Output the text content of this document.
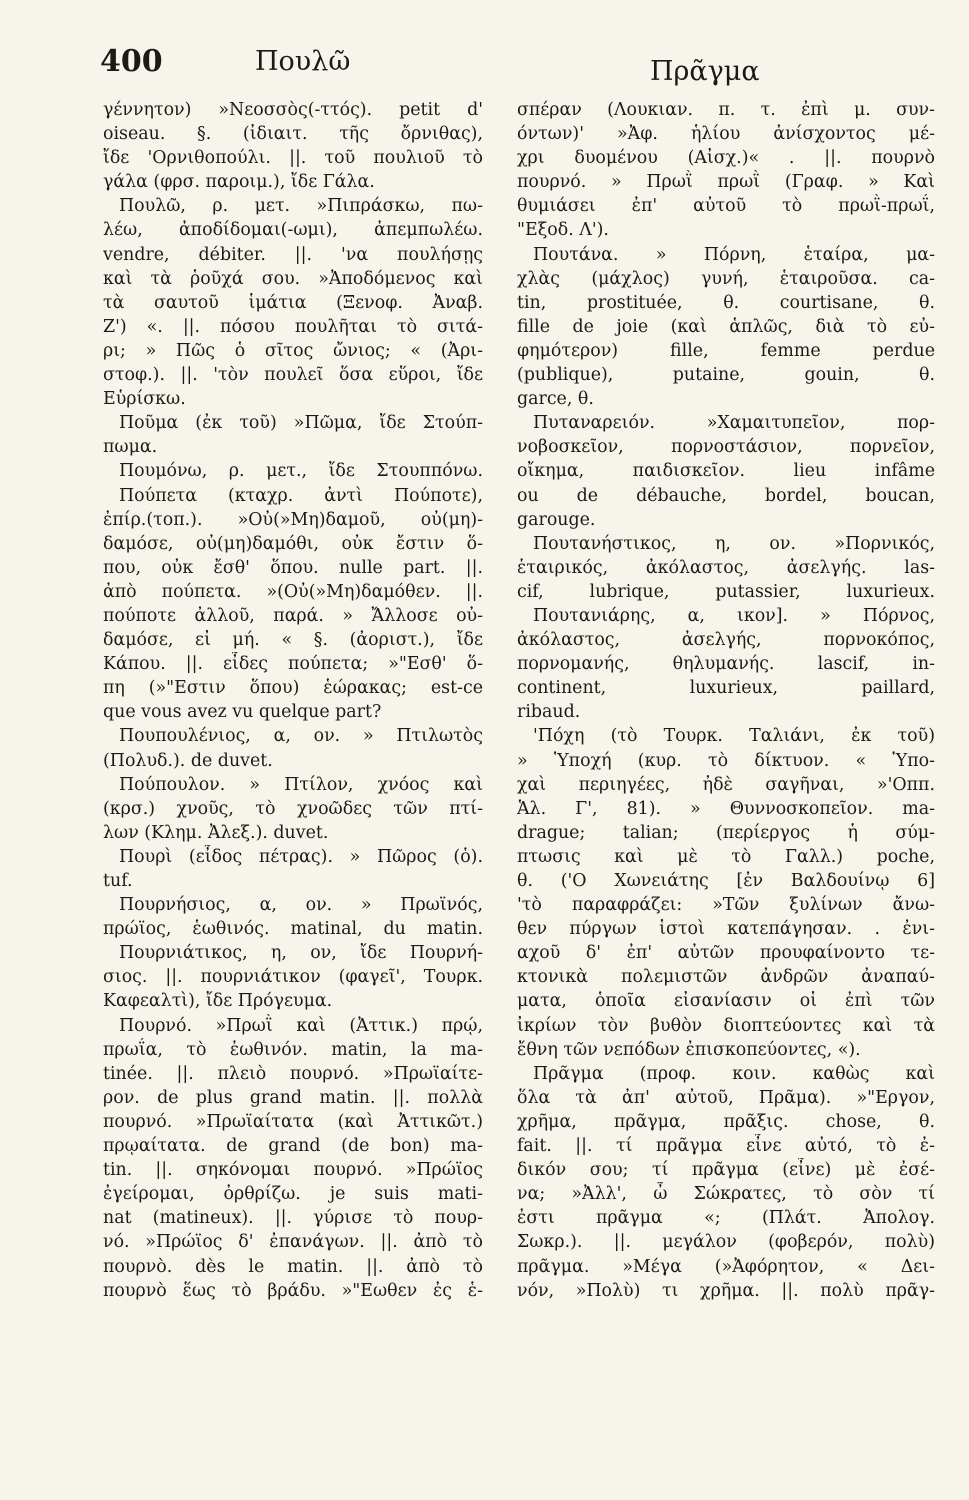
400	Πουλῶ	Πρᾶγμα
γέννητον) »Νεοσσὸς(-ττός). petit d'
oiseau. §. (ἰδιαιτ. τῆς ὄρνιθας),
ἴδε 'Ορνιθοπούλι. ||. τοῦ πουλιοῦ τὸ
γάλα (φρσ. παροιμ.), ἴδε Γάλα.
Πουλῶ, ρ. μετ. »Πιπράσκω, πω-
λέω, ἀποδίδομαι(-ωμι), ἀπεμπωλέω.
vendre, débiter. ||. 'να πουλήσῃς
καὶ τὰ ῥοῦχά σου. »Ἀποδόμενος καὶ
τὰ σαυτοῦ ἱμάτια (Ξενοφ. Ἀναβ.
Ζ') «. ||. πόσου πουλῆται τὸ σιτά-
ρι; » Πῶς ὁ σῖτος ὤνιος; « (Ἀρι-
στοφ.). ||. 'τὸν πουλεῖ ὅσα εὕροι, ἴδε
Εὑρίσκω.
Ποῦμα (ἐκ τοῦ) »Πῶμα, ἴδε Στούπ-
πωμα.
Πουμόνω, ρ. μετ., ἴδε Στουππόνω.
Πούπετα (κταχρ. ἀντὶ Πούποτε),
ἐπίρ.(τοπ.). »Οὐ(»Μη)δαμοῦ, οὐ(μη)-
δαμόσε, οὐ(μη)δαμόθι, οὐκ ἔστιν ὅ-
που, οὐκ ἔσθ' ὅπου. nulle part. ||.
ἀπὸ πούπετα. »(Οὐ(»Μη)δαμόθεν. ||.
πούποτε ἀλλοῦ, παρά. » Ἄλλοσε οὐ-
δαμόσε, εἰ μή. « §. (ἀοριστ.), ἴδε
Κάπου. ||. εἶδες πούπετα; »"Εσθ' ὅ-
πη (»"Εστιν ὅπου) ἑώρακας; est-ce
que vous avez vu quelque part?
Πουπουλένιος, α, ον. » Πτιλωτὸς
(Πολυδ.). de duvet.
Πούπουλον. » Πτίλον, χνόος καὶ
(κρσ.) χνοῦς, τὸ χνοῶδες τῶν πτί-
λων (Κλημ. Ἀλεξ.). duvet.
Πουρὶ (εἶδος πέτρας). » Πῶρος (ὁ).
tuf.
Πουρνήσιος, α, ον. » Πρωϊνός,
πρώϊος, ἑωθινός. matinal, du matin.
Πουρνιάτικος, η, ον, ἴδε Πουρνή-
σιος. ||. πουρνιάτικον (φαγεῖ', Τουρκ.
Καφεαλτὶ), ἴδε Πρόγευμα.
Πουρνό. »Πρωῒ καὶ (Ἀττικ.) πρῴ,
πρωΐα, τὸ ἑωθινόν. matin, la ma-
tinée. ||. πλειὸ πουρνό. »Πρωϊαίτε-
ρον. de plus grand matin. ||. πολλὰ
πουρνό. »Πρωϊαίτατα (καὶ Ἀττικῶτ.)
πρῳαίτατα. de grand (de bon) ma-
tin. ||. σηκόνομαι πουρνό. »Πρώϊος
ἐγείρομαι, ὀρθρίζω. je suis mati-
nat (matineux). ||. γύρισε τὸ πουρ-
νό. »Πρώϊος δ' ἐπανάγων. ||. ἀπὸ τὸ
πουρνὸ. dès le matin. ||. ἀπὸ τὸ
πουρνὸ ἕως τὸ βράδυ. »"Εωθεν ἐς ἑ-
σπέραν (Λουκιαν. π. τ. ἐπὶ μ. συν-
όντων)' »Ἀφ. ἡλίου ἀνίσχοντος μέ-
χρι δυομένου (Αἰσχ.)« . ||. πουρνὸ
πουρνό. » Πρωῒ πρωῒ (Γραφ. » Καὶ
θυμιάσει ἐπ' αὐτοῦ τὸ πρωῒ-πρωΐ,
"Εξοδ. Λ').
Πουτάνα. » Πόρνη, ἑταίρα, μα-
χλὰς (μάχλος) γυνή, ἑταιροῦσα. ca-
tin, prostituée, θ. courtisane, θ.
fille de joie (καὶ ἁπλῶς, διὰ τὸ εὐ-
φημότερον) fille, femme perdue
(publique), putaine, gouin, θ.
garce, θ.
Πυταναρειόν. »Χαμαιτυπεῖον, πορ-
νοβοσκεῖον, πορνοστάσιον, πορνεῖον,
οἴκημα, παιδισκεῖον. lieu infâme
ou de débauche, bordel, boucan,
garouge.
Πουτανήστικος, η, ον. »Πορνικός,
ἑταιρικός, ἀκόλαστος, ἀσελγής. las-
cif, lubrique, putassier, luxurieux.
Πουτανιάρης, α, ικον]. » Πόρνος,
ἀκόλαστος, ἀσελγής, πορνοκόπος,
πορνομανής, θηλυμανής. lascif, in-
continent, luxurieux, paillard,
ribaud.
'Πόχη (τὸ Τουρκ. Ταλιάνι, ἐκ τοῦ)
» Ὑποχή (κυρ. τὸ δίκτυον. « Ὑπο-
χαὶ περιηγέες, ἠδὲ σαγῆναι, »'Οππ.
Ἁλ. Γ', 81). » Θυννοσκοπεῖον. ma-
drague; talian; (περίεργος ἡ σύμ-
πτωσις καὶ μὲ τὸ Γαλλ.) poche,
θ. ('Ο Χωνειάτης [ἐν Βαλδουίνῳ 6]
'τὸ παραφράζει: »Τῶν ξυλίνων ἄνω-
θεν πύργων ἱστοὶ κατεπάγησαν. . ἐνι-
αχοῦ δ' ἐπ' αὐτῶν προυφαίνοντο τε-
κτονικὰ πολεμιστῶν ἀνδρῶν ἀναπαύ-
ματα, ὁποῖα εἰσανίασιν οἱ ἐπὶ τῶν
ἰκρίων τὸν βυθὸν διοπτεύοντες καὶ τὰ
ἔθνη τῶν νεπόδων ἐπισκοπεύοντες, «).
Πρᾶγμα (προφ. κοιν. καθὼς καὶ
ὅλα τὰ ἀπ' αὐτοῦ, Πρᾶμα). »"Εργον,
χρῆμα, πρᾶγμα, πρᾶξις. chose, θ.
fait. ||. τί πρᾶγμα εἶνε αὐτό, τὸ ἐ-
δικόν σου; τί πρᾶγμα (εἶνε) μὲ ἐσέ-
να; »Ἀλλ', ὦ Σώκρατες, τὸ σὸν τί
ἐστι πρᾶγμα «; (Πλάτ. Ἀπολογ.
Σωκρ.). ||. μεγάλον (φοβερόν, πολὺ)
πρᾶγμα. »Μέγα (»Ἀφόρητον, « Δει-
νόν, »Πολὺ) τι χρῆμα. ||. πολὺ πρᾶγ-
